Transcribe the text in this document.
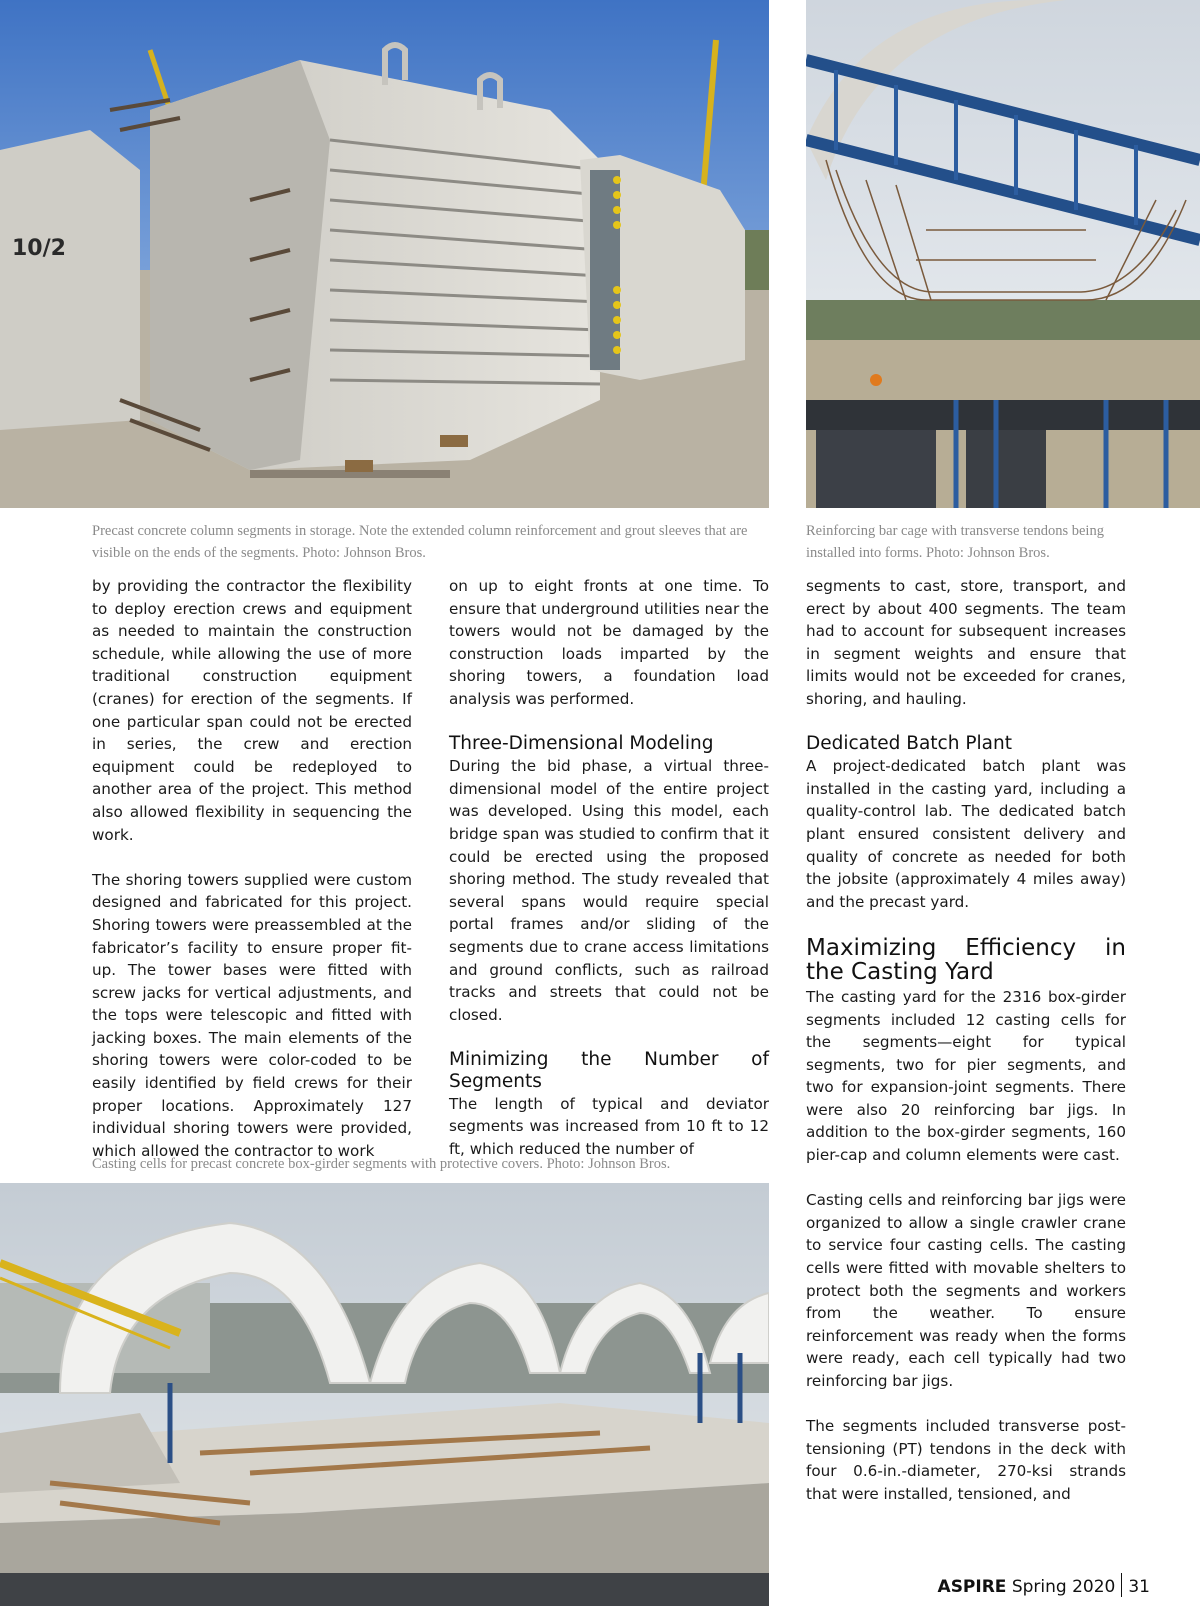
10/2

Precast concrete column segments in storage. Note the extended column reinforcement and grout sleeves that are visible on the ends of the segments. Photo: Johnson Bros.

Reinforcing bar cage with transverse tendons being installed into forms. Photo: Johnson Bros.

by providing the contractor the flexibility to deploy erection crews and equipment as needed to maintain the construction schedule, while allowing the use of more traditional construction equipment (cranes) for erection of the segments. If one particular span could not be erected in series, the crew and erection equipment could be redeployed to another area of the project. This method also allowed flexibility in sequencing the work.

The shoring towers supplied were custom designed and fabricated for this project. Shoring towers were preassembled at the fabricator’s facility to ensure proper fit-up. The tower bases were fitted with screw jacks for vertical adjustments, and the tops were telescopic and fitted with jacking boxes. The main elements of the shoring towers were color-coded to be easily identified by field crews for their proper locations. Approximately 127 individual shoring towers were provided, which allowed the contractor to work

on up to eight fronts at one time. To ensure that underground utilities near the towers would not be damaged by the construction loads imparted by the shoring towers, a foundation load analysis was performed.

Three-Dimensional Modeling

During the bid phase, a virtual three-dimensional model of the entire project was developed. Using this model, each bridge span was studied to confirm that it could be erected using the proposed shoring method. The study revealed that several spans would require special portal frames and/or sliding of the segments due to crane access limitations and ground conflicts, such as railroad tracks and streets that could not be closed.

Minimizing the Number of Segments

The length of typical and deviator segments was increased from 10 ft to 12 ft, which reduced the number of

segments to cast, store, transport, and erect by about 400 segments. The team had to account for subsequent increases in segment weights and ensure that limits would not be exceeded for cranes, shoring, and hauling.

Dedicated Batch Plant

A project-dedicated batch plant was installed in the casting yard, including a quality-control lab. The dedicated batch plant ensured consistent delivery and quality of concrete as needed for both the jobsite (approximately 4 miles away) and the precast yard.

Maximizing Efficiency in the Casting Yard

The casting yard for the 2316 box-girder segments included 12 casting cells for the segments—eight for typical segments, two for pier segments, and two for expansion-joint segments. There were also 20 reinforcing bar jigs. In addition to the box-girder segments, 160 pier-cap and column elements were cast.

Casting cells and reinforcing bar jigs were organized to allow a single crawler crane to service four casting cells. The casting cells were fitted with movable shelters to protect both the segments and workers from the weather. To ensure reinforcement was ready when the forms were ready, each cell typically had two reinforcing bar jigs.

The segments included transverse post-tensioning (PT) tendons in the deck with four 0.6-in.-diameter, 270-ksi strands that were installed, tensioned, and

Casting cells for precast concrete box-girder segments with protective covers. Photo: Johnson Bros.

ASPIRE Spring 2020 31
